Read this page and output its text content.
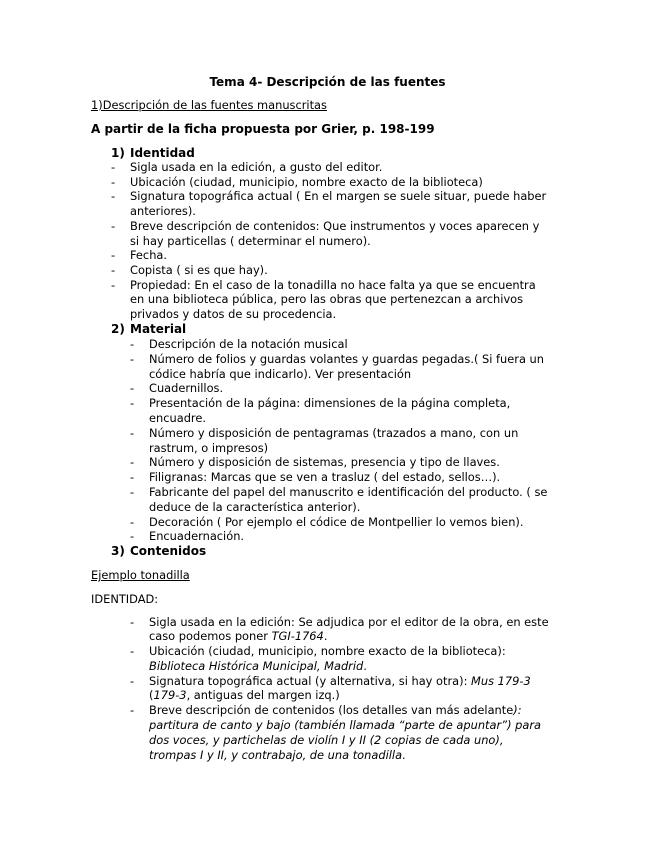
Tema 4- Descripción de las fuentes
1)Descripción de las fuentes manuscritas
A partir de la ficha propuesta por Grier, p. 198-199
1) Identidad
- Sigla usada en la edición, a gusto del editor.
- Ubicación (ciudad, municipio, nombre exacto de la biblioteca)
- Signatura topográfica actual ( En el margen se suele situar, puede haber
anteriores).
- Breve descripción de contenidos: Que instrumentos y voces aparecen y
si hay particellas ( determinar el numero).
- Fecha.
- Copista ( si es que hay).
- Propiedad: En el caso de la tonadilla no hace falta ya que se encuentra
en una biblioteca pública, pero las obras que pertenezcan a archivos
privados y datos de su procedencia.
2) Material
- Descripción de la notación musical
- Número de folios y guardas volantes y guardas pegadas.( Si fuera un
códice habría que indicarlo). Ver presentación
- Cuadernillos.
- Presentación de la página: dimensiones de la página completa,
encuadre.
- Número y disposición de pentagramas (trazados a mano, con un
rastrum, o impresos)
- Número y disposición de sistemas, presencia y tipo de llaves.
- Filigranas: Marcas que se ven a trasluz ( del estado, sellos…).
- Fabricante del papel del manuscrito e identificación del producto. ( se
deduce de la característica anterior).
- Decoración ( Por ejemplo el códice de Montpellier lo vemos bien).
- Encuadernación.
3) Contenidos
Ejemplo tonadilla
IDENTIDAD:
- Sigla usada en la edición: Se adjudica por el editor de la obra, en este
caso podemos poner TGI-1764.
- Ubicación (ciudad, municipio, nombre exacto de la biblioteca):
Biblioteca Histórica Municipal, Madrid.
- Signatura topográfica actual (y alternativa, si hay otra): Mus 179-3
(179-3, antiguas del margen izq.)
- Breve descripción de contenidos (los detalles van más adelante):
partitura de canto y bajo (también llamada “parte de apuntar”) para
dos voces, y partichelas de violín I y II (2 copias de cada uno),
trompas I y II, y contrabajo, de una tonadilla.
